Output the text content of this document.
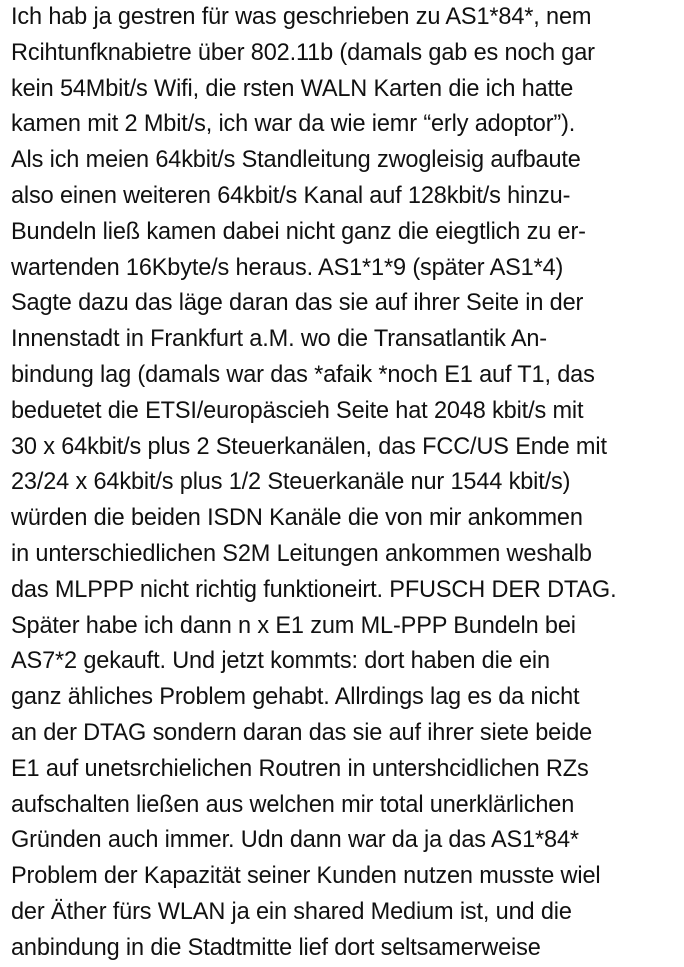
Ich hab ja gestren für was geschrieben zu AS1*84*, nem
Rcihtunfknabietre über 802.11b (damals gab es noch gar
kein 54Mbit/s Wifi, die rsten WALN Karten die ich hatte
kamen mit 2 Mbit/s, ich war da wie iemr “erly adoptor”).
Als ich meien 64kbit/s Standleitung zwogleisig aufbaute
also einen weiteren 64kbit/s Kanal auf 128kbit/s hinzu-
Bundeln ließ kamen dabei nicht ganz die eiegtlich zu er-
wartenden 16Kbyte/s heraus. AS1*1*9 (später AS1*4)
Sagte dazu das läge daran das sie auf ihrer Seite in der
Innenstadt in Frankfurt a.M. wo die Transatlantik An-
bindung lag (damals war das *afaik *noch E1 auf T1, das
beduetet die ETSI/europäscieh Seite hat 2048 kbit/s mit
30 x 64kbit/s plus 2 Steuerkanälen, das FCC/US Ende mit
23/24 x 64kbit/s plus 1/2 Steuerkanäle nur 1544 kbit/s)
würden die beiden ISDN Kanäle die von mir ankommen
in unterschiedlichen S2M Leitungen ankommen weshalb
das MLPPP nicht richtig funktioneirt. PFUSCH DER DTAG.
Später habe ich dann n x E1 zum ML-PPP Bundeln bei
AS7*2 gekauft. Und jetzt kommts: dort haben die ein
ganz ähliches Problem gehabt. Allrdings lag es da nicht
an der DTAG sondern daran das sie auf ihrer siete beide
E1 auf unetsrchielichen Routren in untershcidlichen RZs
aufschalten ließen aus welchen mir total unerklärlichen
Gründen auch immer. Udn dann war da ja das AS1*84*
Problem der Kapazität seiner Kunden nutzen musste wiel
der Äther fürs WLAN ja ein shared Medium ist, und die
anbindung in die Stadtmitte lief dort seltsamerweise
